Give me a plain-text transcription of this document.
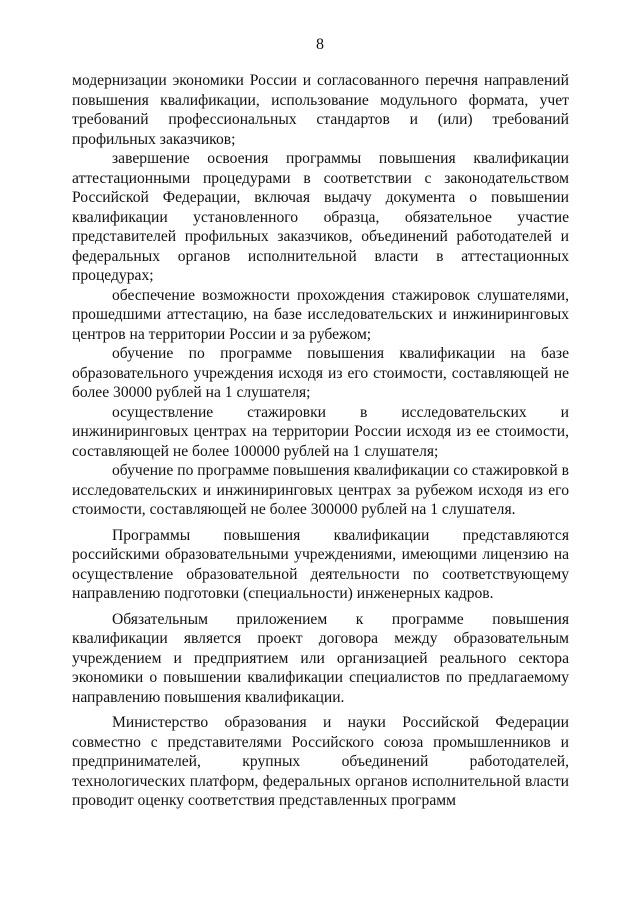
8

модернизации экономики России и согласованного перечня направлений повышения квалификации, использование модульного формата, учет требований профессиональных стандартов и (или) требований профильных заказчиков;

завершение освоения программы повышения квалификации аттестационными процедурами в соответствии с законодательством Российской Федерации, включая выдачу документа о повышении квалификации установленного образца, обязательное участие представителей профильных заказчиков, объединений работодателей и федеральных органов исполнительной власти в аттестационных процедурах;

обеспечение возможности прохождения стажировок слушателями, прошедшими аттестацию, на базе исследовательских и инжиниринговых центров на территории России и за рубежом;

обучение по программе повышения квалификации на базе образовательного учреждения исходя из его стоимости, составляющей не более 30000 рублей на 1 слушателя;

осуществление стажировки в исследовательских и инжиниринговых центрах на территории России исходя из ее стоимости, составляющей не более 100000 рублей на 1 слушателя;

обучение по программе повышения квалификации со стажировкой в исследовательских и инжиниринговых центрах за рубежом исходя из его стоимости, составляющей не более 300000 рублей на 1 слушателя.

Программы повышения квалификации представляются российскими образовательными учреждениями, имеющими лицензию на осуществление образовательной деятельности по соответствующему направлению подготовки (специальности) инженерных кадров.

Обязательным приложением к программе повышения квалификации является проект договора между образовательным учреждением и предприятием или организацией реального сектора экономики о повышении квалификации специалистов по предлагаемому направлению повышения квалификации.

Министерство образования и науки Российской Федерации совместно с представителями Российского союза промышленников и предпринимателей, крупных объединений работодателей, технологических платформ, федеральных органов исполнительной власти проводит оценку соответствия представленных программ
